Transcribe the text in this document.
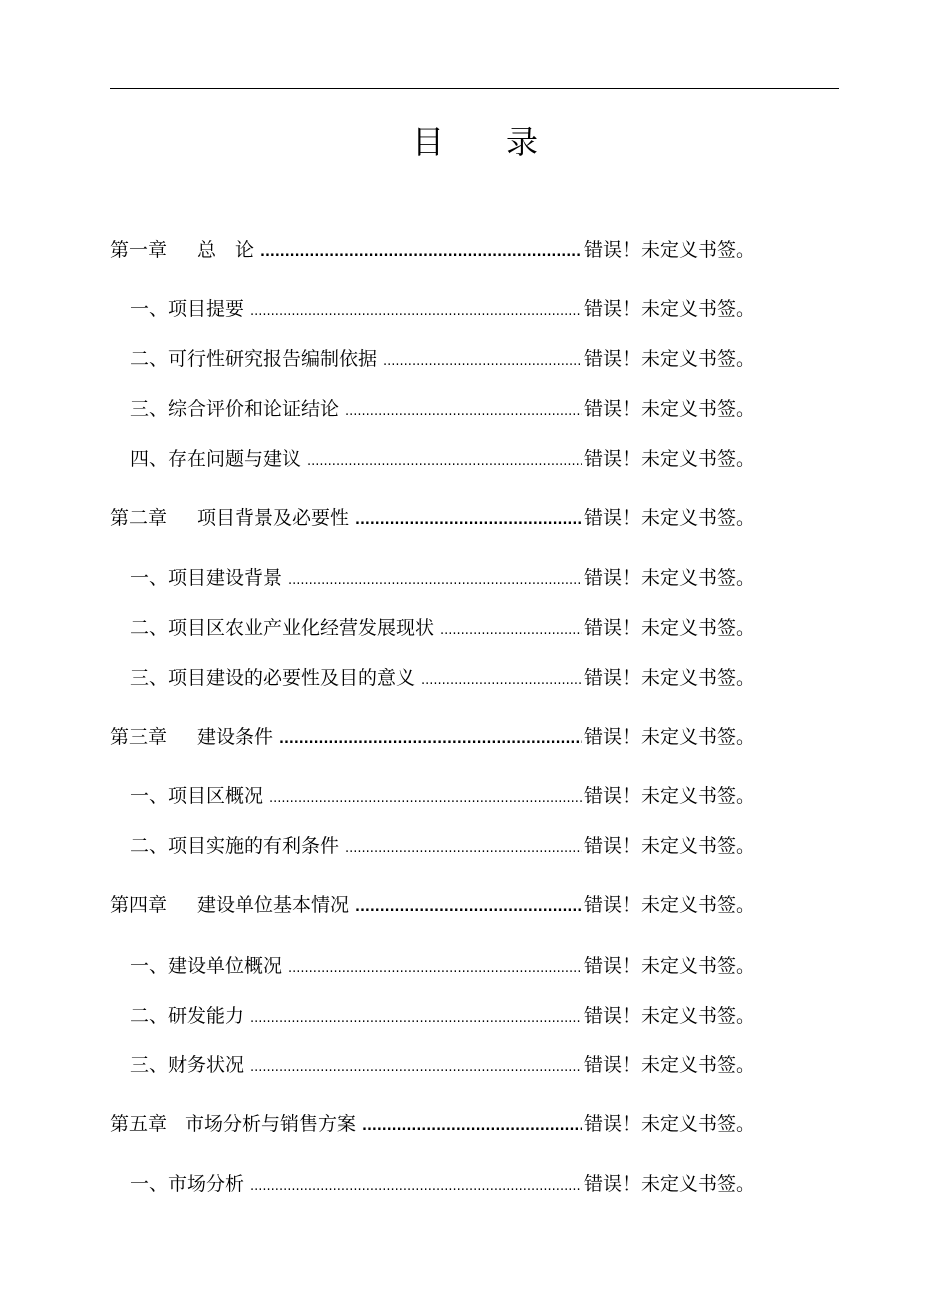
目 录
第一章 总　论 .....	错误！未定义书签。
一、项目提要 .....	错误！未定义书签。
二、可行性研究报告编制依据 .....	错误！未定义书签。
三、综合评价和论证结论 .....	错误！未定义书签。
四、存在问题与建议 .....	错误！未定义书签。
第二章 项目背景及必要性 .....	错误！未定义书签。
一、项目建设背景 .....	错误！未定义书签。
二、项目区农业产业化经营发展现状 .....	错误！未定义书签。
三、项目建设的必要性及目的意义 .....	错误！未定义书签。
第三章 建设条件 .....	错误！未定义书签。
一、项目区概况 .....	错误！未定义书签。
二、项目实施的有利条件 .....	错误！未定义书签。
第四章 建设单位基本情况 .....	错误！未定义书签。
一、建设单位概况 .....	错误！未定义书签。
二、研发能力 .....	错误！未定义书签。
三、财务状况 .....	错误！未定义书签。
第五章 市场分析与销售方案 .....	错误！未定义书签。
一、市场分析 .....	错误！未定义书签。
